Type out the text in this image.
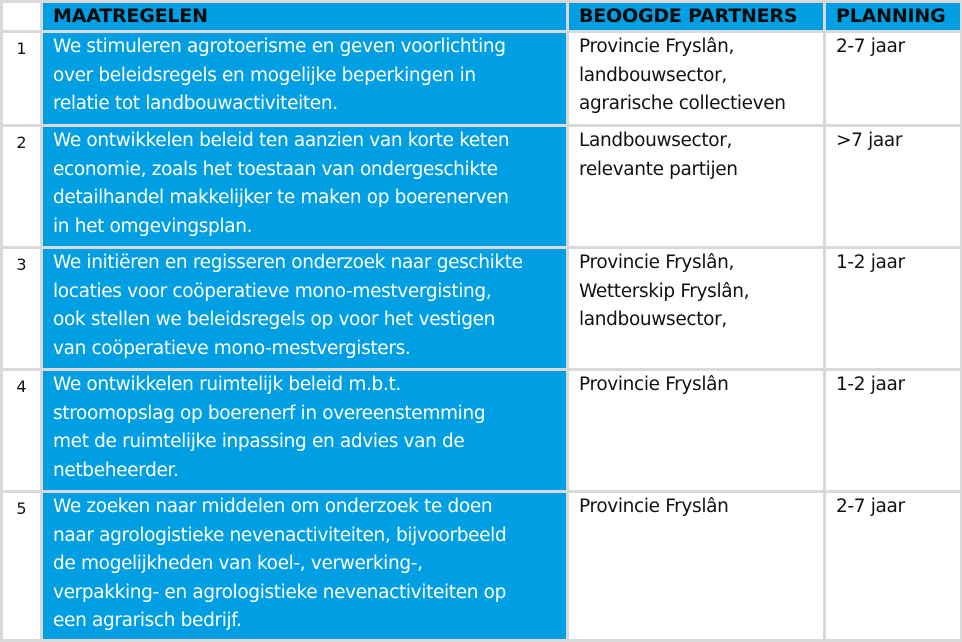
	MAATREGELEN	BEOOGDE PARTNERS	PLANNING
1	We stimuleren agrotoerisme en geven voorlichting
over beleidsregels en mogelijke beperkingen in
relatie tot landbouwactiviteiten.	Provincie Fryslân,
landbouwsector,
agrarische collectieven	2-7 jaar
2	We ontwikkelen beleid ten aanzien van korte keten
economie, zoals het toestaan van ondergeschikte
detailhandel makkelijker te maken op boerenerven
in het omgevingsplan.	Landbouwsector,
relevante partijen	>7 jaar
3	We initiëren en regisseren onderzoek naar geschikte
locaties voor coöperatieve mono-mestvergisting,
ook stellen we beleidsregels op voor het vestigen
van coöperatieve mono-mestvergisters.	Provincie Fryslân,
Wetterskip Fryslân,
landbouwsector,	1-2 jaar
4	We ontwikkelen ruimtelijk beleid m.b.t.
stroomopslag op boerenerf in overeenstemming
met de ruimtelijke inpassing en advies van de
netbeheerder.	Provincie Fryslân	1-2 jaar
5	We zoeken naar middelen om onderzoek te doen
naar agrologistieke nevenactiviteiten, bijvoorbeeld
de mogelijkheden van koel-, verwerking-,
verpakking- en agrologistieke nevenactiviteiten op
een agrarisch bedrijf.	Provincie Fryslân	2-7 jaar
